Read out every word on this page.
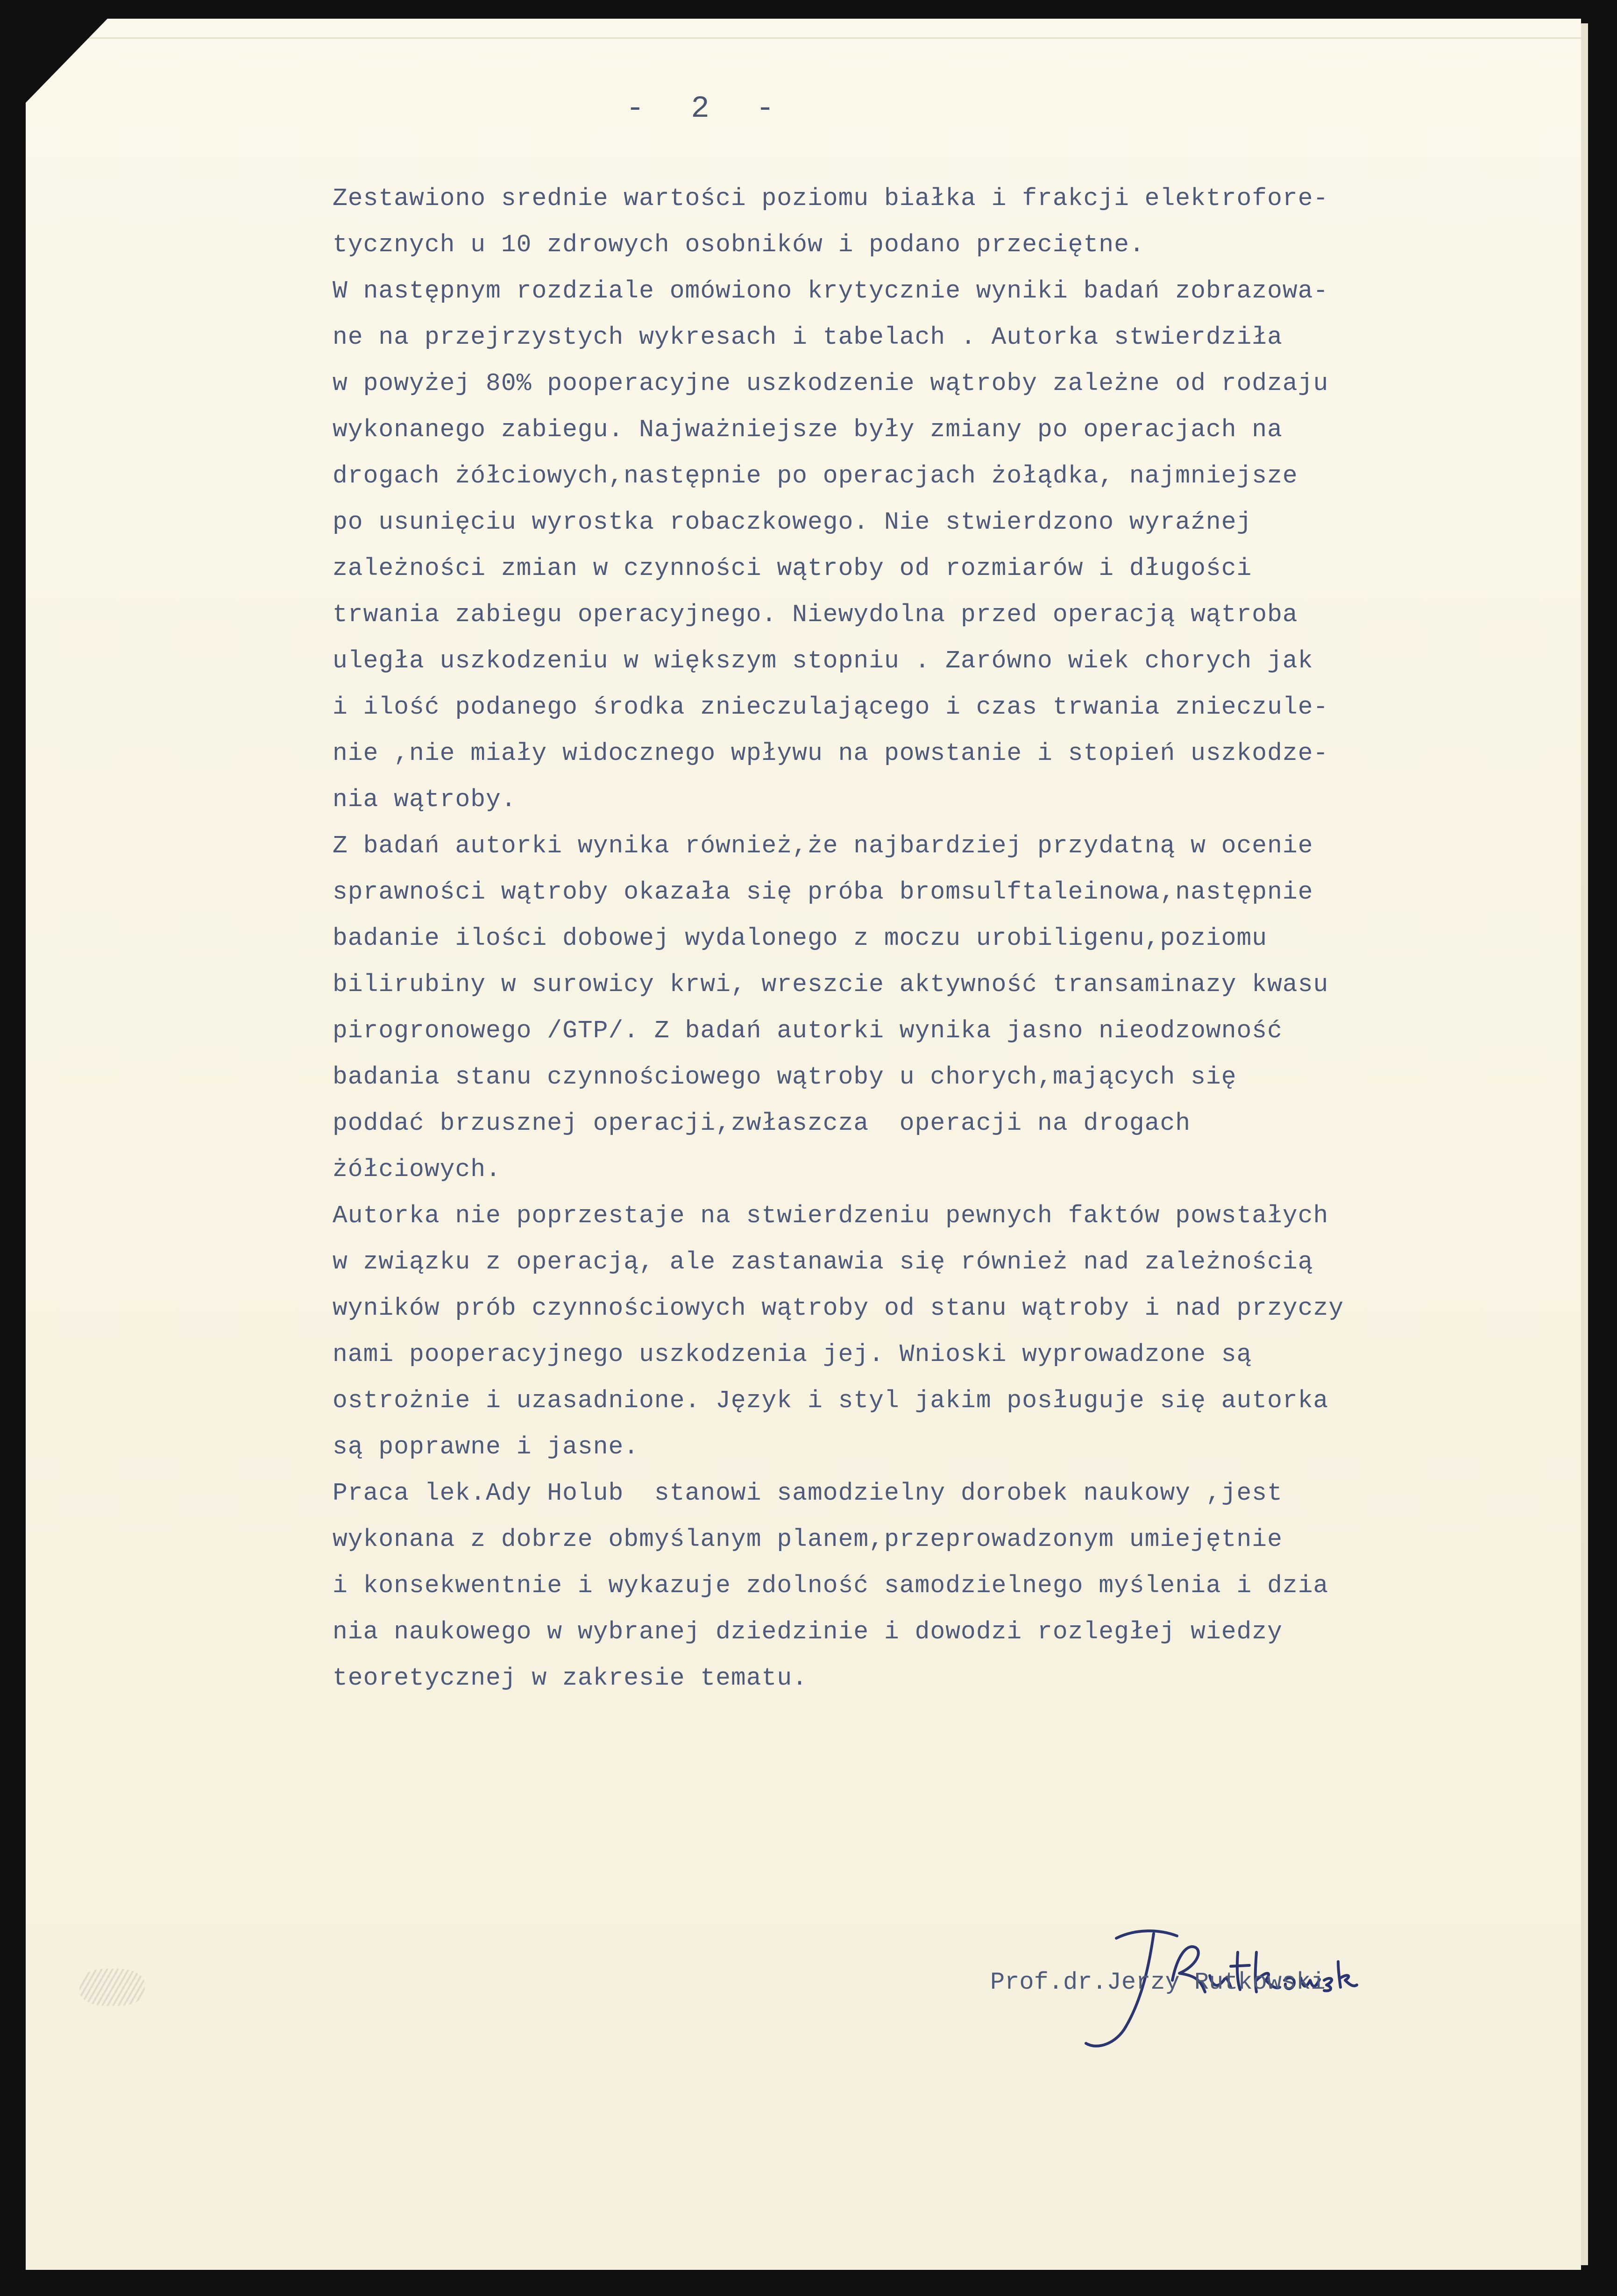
- 2 -
Zestawiono srednie wartości poziomu białka i frakcji elektrofore-
tycznych u 10 zdrowych osobników i podano przeciętne.
W następnym rozdziale omówiono krytycznie wyniki badań zobrazowa-
ne na przejrzystych wykresach i tabelach . Autorka stwierdziła
w powyżej 80% pooperacyjne uszkodzenie wątroby zależne od rodzaju
wykonanego zabiegu. Najważniejsze były zmiany po operacjach na
drogach żółciowych,następnie po operacjach żołądka, najmniejsze
po usunięciu wyrostka robaczkowego. Nie stwierdzono wyraźnej
zależności zmian w czynności wątroby od rozmiarów i długości
trwania zabiegu operacyjnego. Niewydolna przed operacją wątroba
uległa uszkodzeniu w większym stopniu . Zarówno wiek chorych jak
i ilość podanego środka znieczulającego i czas trwania znieczule-
nie ,nie miały widocznego wpływu na powstanie i stopień uszkodze-
nia wątroby.
Z badań autorki wynika również,że najbardziej przydatną w ocenie
sprawności wątroby okazała się próba bromsulftaleinowa,następnie
badanie ilości dobowej wydalonego z moczu urobiligenu,poziomu
bilirubiny w surowicy krwi, wreszcie aktywność transaminazy kwasu
pirogronowego /GTP/. Z badań autorki wynika jasno nieodzowność
badania stanu czynnościowego wątroby u chorych,mających się
poddać brzusznej operacji,zwłaszcza  operacji na drogach
żółciowych.
Autorka nie poprzestaje na stwierdzeniu pewnych faktów powstałych
w związku z operacją, ale zastanawia się również nad zależnością
wyników prób czynnościowych wątroby od stanu wątroby i nad przyczy
nami pooperacyjnego uszkodzenia jej. Wnioski wyprowadzone są
ostrożnie i uzasadnione. Język i styl jakim posługuje się autorka
są poprawne i jasne.
Praca lek.Ady Holub  stanowi samodzielny dorobek naukowy ,jest
wykonana z dobrze obmyślanym planem,przeprowadzonym umiejętnie
i konsekwentnie i wykazuje zdolność samodzielnego myślenia i dzia
nia naukowego w wybranej dziedzinie i dowodzi rozległej wiedzy
teoretycznej w zakresie tematu.
Prof.dr.Jerzy Rutkowski
